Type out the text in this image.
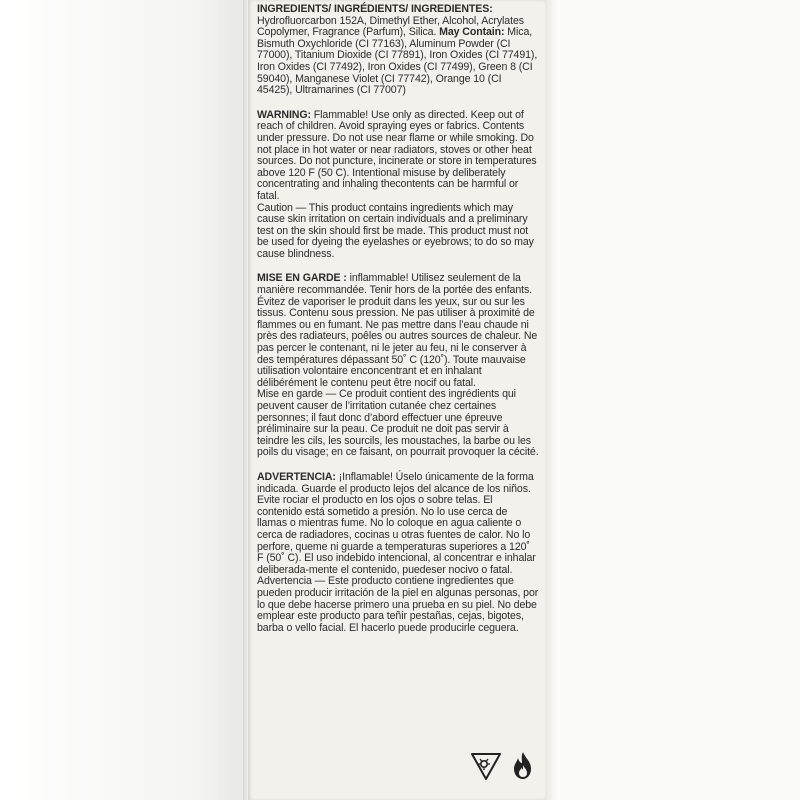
INGREDIENTS/ INGRÉDIENTS/ INGREDIENTES: Hydrofluorcarbon 152A, Dimethyl Ether, Alcohol, Acrylates Copolymer, Fragrance (Parfum), Silica. May Contain: Mica, Bismuth Oxychloride (CI 77163), Aluminum Powder (CI 77000), Titanium Dioxide (CI 77891), Iron Oxides (CI 77491), Iron Oxides (CI 77492), Iron Oxides (CI 77499), Green 8 (CI 59040), Manganese Violet (CI 77742), Orange 10 (CI 45425), Ultramarines (CI 77007)
WARNING: Flammable! Use only as directed. Keep out of reach of children. Avoid spraying eyes or fabrics. Contents under pressure. Do not use near flame or while smoking. Do not place in hot water or near radiators, stoves or other heat sources. Do not puncture, incinerate or store in temperatures above 120 F (50 C). Intentional misuse by deliberately concentrating and inhaling thecontents can be harmful or fatal.
Caution — This product contains ingredients which may cause skin irritation on certain individuals and a preliminary test on the skin should first be made. This product must not be used for dyeing the eyelashes or eyebrows; to do so may cause blindness.
MISE EN GARDE : inflammable! Utilisez seulement de la manière recommandée. Tenir hors de la portée des enfants. Évitez de vaporiser le produit dans les yeux, sur ou sur les tissus. Contenu sous pression. Ne pas utiliser à proximité de flammes ou en fumant. Ne pas mettre dans l’eau chaude ni près des radiateurs, poêles ou autres sources de chaleur. Ne pas percer le contenant, ni le jeter au feu, ni le conserver à des températures dépassant 50˚ C (120˚). Toute mauvaise utilisation volontaire enconcentrant et en inhalant délibérément le contenu peut être nocif ou fatal.
Mise en garde — Ce produit contient des ingrédients qui peuvent causer de l’irritation cutanée chez certaines personnes; il faut donc d’abord effectuer une épreuve préliminaire sur la peau. Ce produit ne doit pas servir à teindre les cils, les sourcils, les moustaches, la barbe ou les poils du visage; en ce faisant, on pourrait provoquer la cécité.
ADVERTENCIA: ¡Inflamable! Úselo únicamente de la forma indicada. Guarde el producto lejos del alcance de los niños. Evite rociar el producto en los ojos o sobre telas. El contenido está sometido a presión. No lo use cerca de llamas o mientras fume. No lo coloque en agua caliente o cerca de radiadores, cocinas u otras fuentes de calor. No lo perfore, queme ni guarde a temperaturas superiores a 120˚ F (50˚ C). El uso indebido intencional, al concentrar e inhalar deliberada-mente el contenido, puedeser nocivo o fatal.
Advertencia — Este producto contiene ingredientes que pueden producir irritación de la piel en algunas personas, por lo que debe hacerse primero una prueba en su piel. No debe emplear este producto para teñir pestañas, cejas, bigotes, barba o vello facial. El hacerlo puede producirle ceguera.
